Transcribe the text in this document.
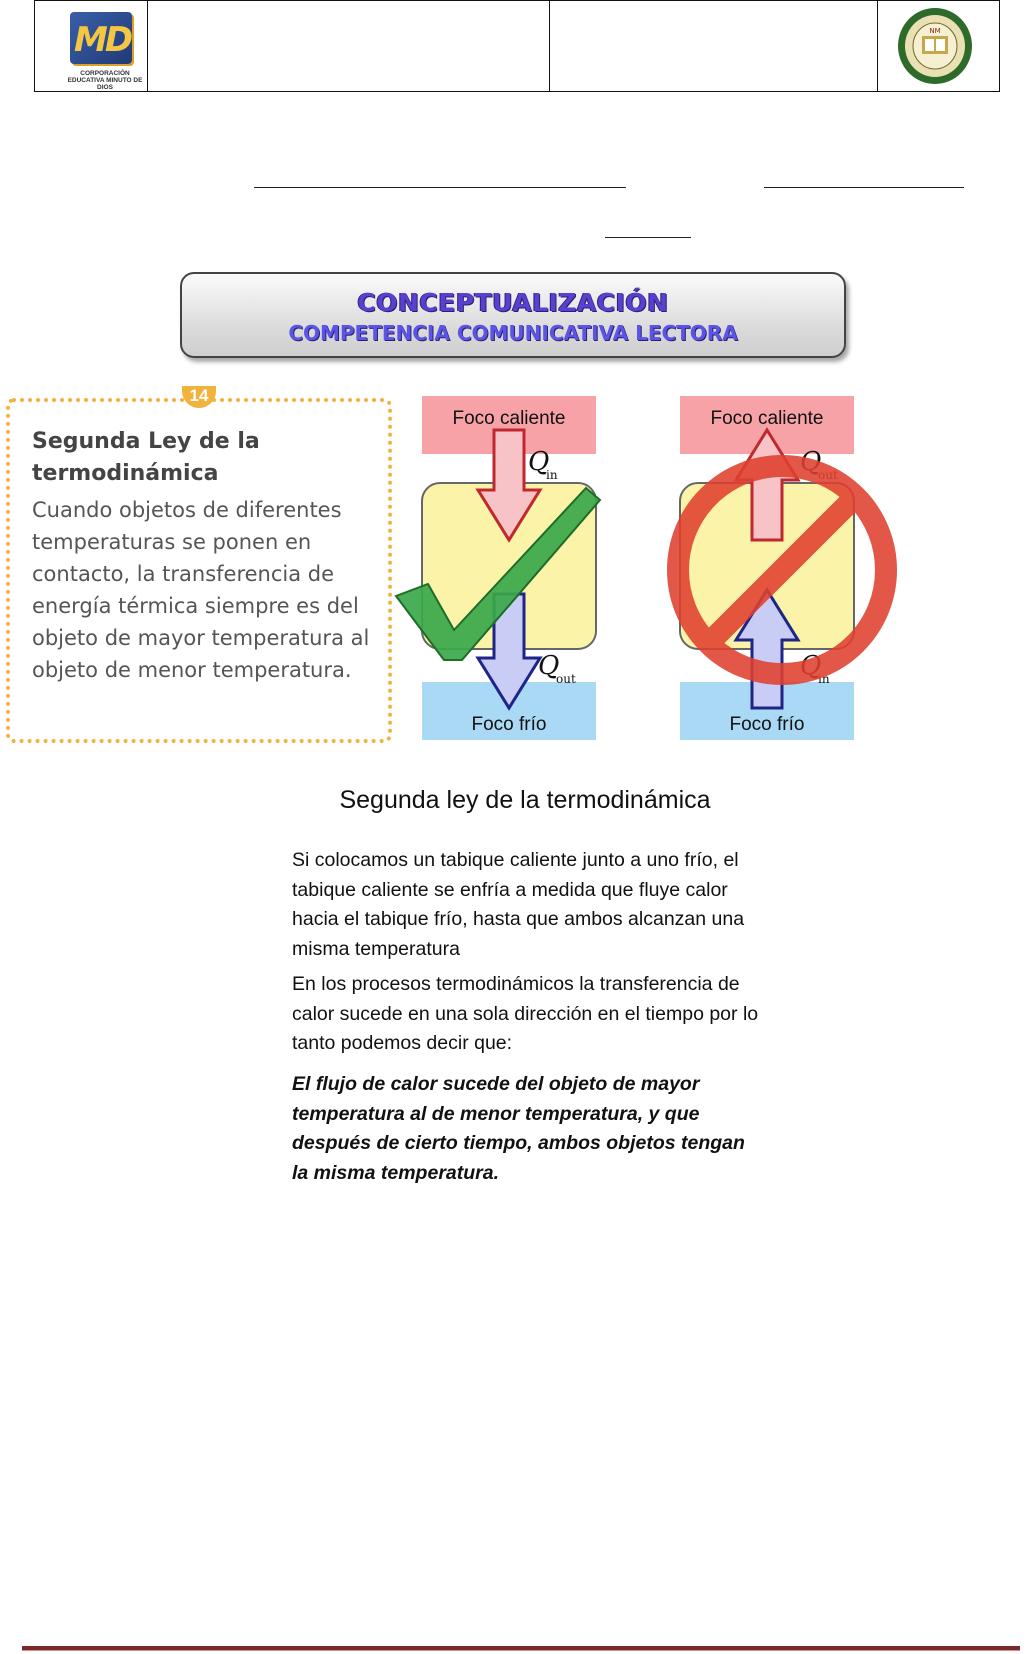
MD
CORPORACIÓN EDUCATIVA MINUTO DE DIOS
NM
CONCEPTUALIZACIÓN
COMPETENCIA COMUNICATIVA LECTORA
Segunda Ley de la
termodinámica

Cuando objetos de diferentes temperaturas se ponen en contacto, la transferencia de energía térmica siempre es del objeto de mayor temperatura al objeto de menor temperatura.

14
Foco caliente
Foco frío
Q
in
Q
out
Foco caliente
Foco frío
Q
out
Q
in
Segunda ley de la termodinámica
Si colocamos un tabique caliente junto a uno frío, el tabique caliente se enfría a medida que fluye calor hacia el tabique frío, hasta que ambos alcanzan una misma temperatura
En los procesos termodinámicos la transferencia de calor sucede en una sola dirección en el tiempo por lo tanto podemos decir que:
El flujo de calor sucede del objeto de mayor temperatura al de menor temperatura, y que después de cierto tiempo, ambos objetos tengan la misma temperatura.
